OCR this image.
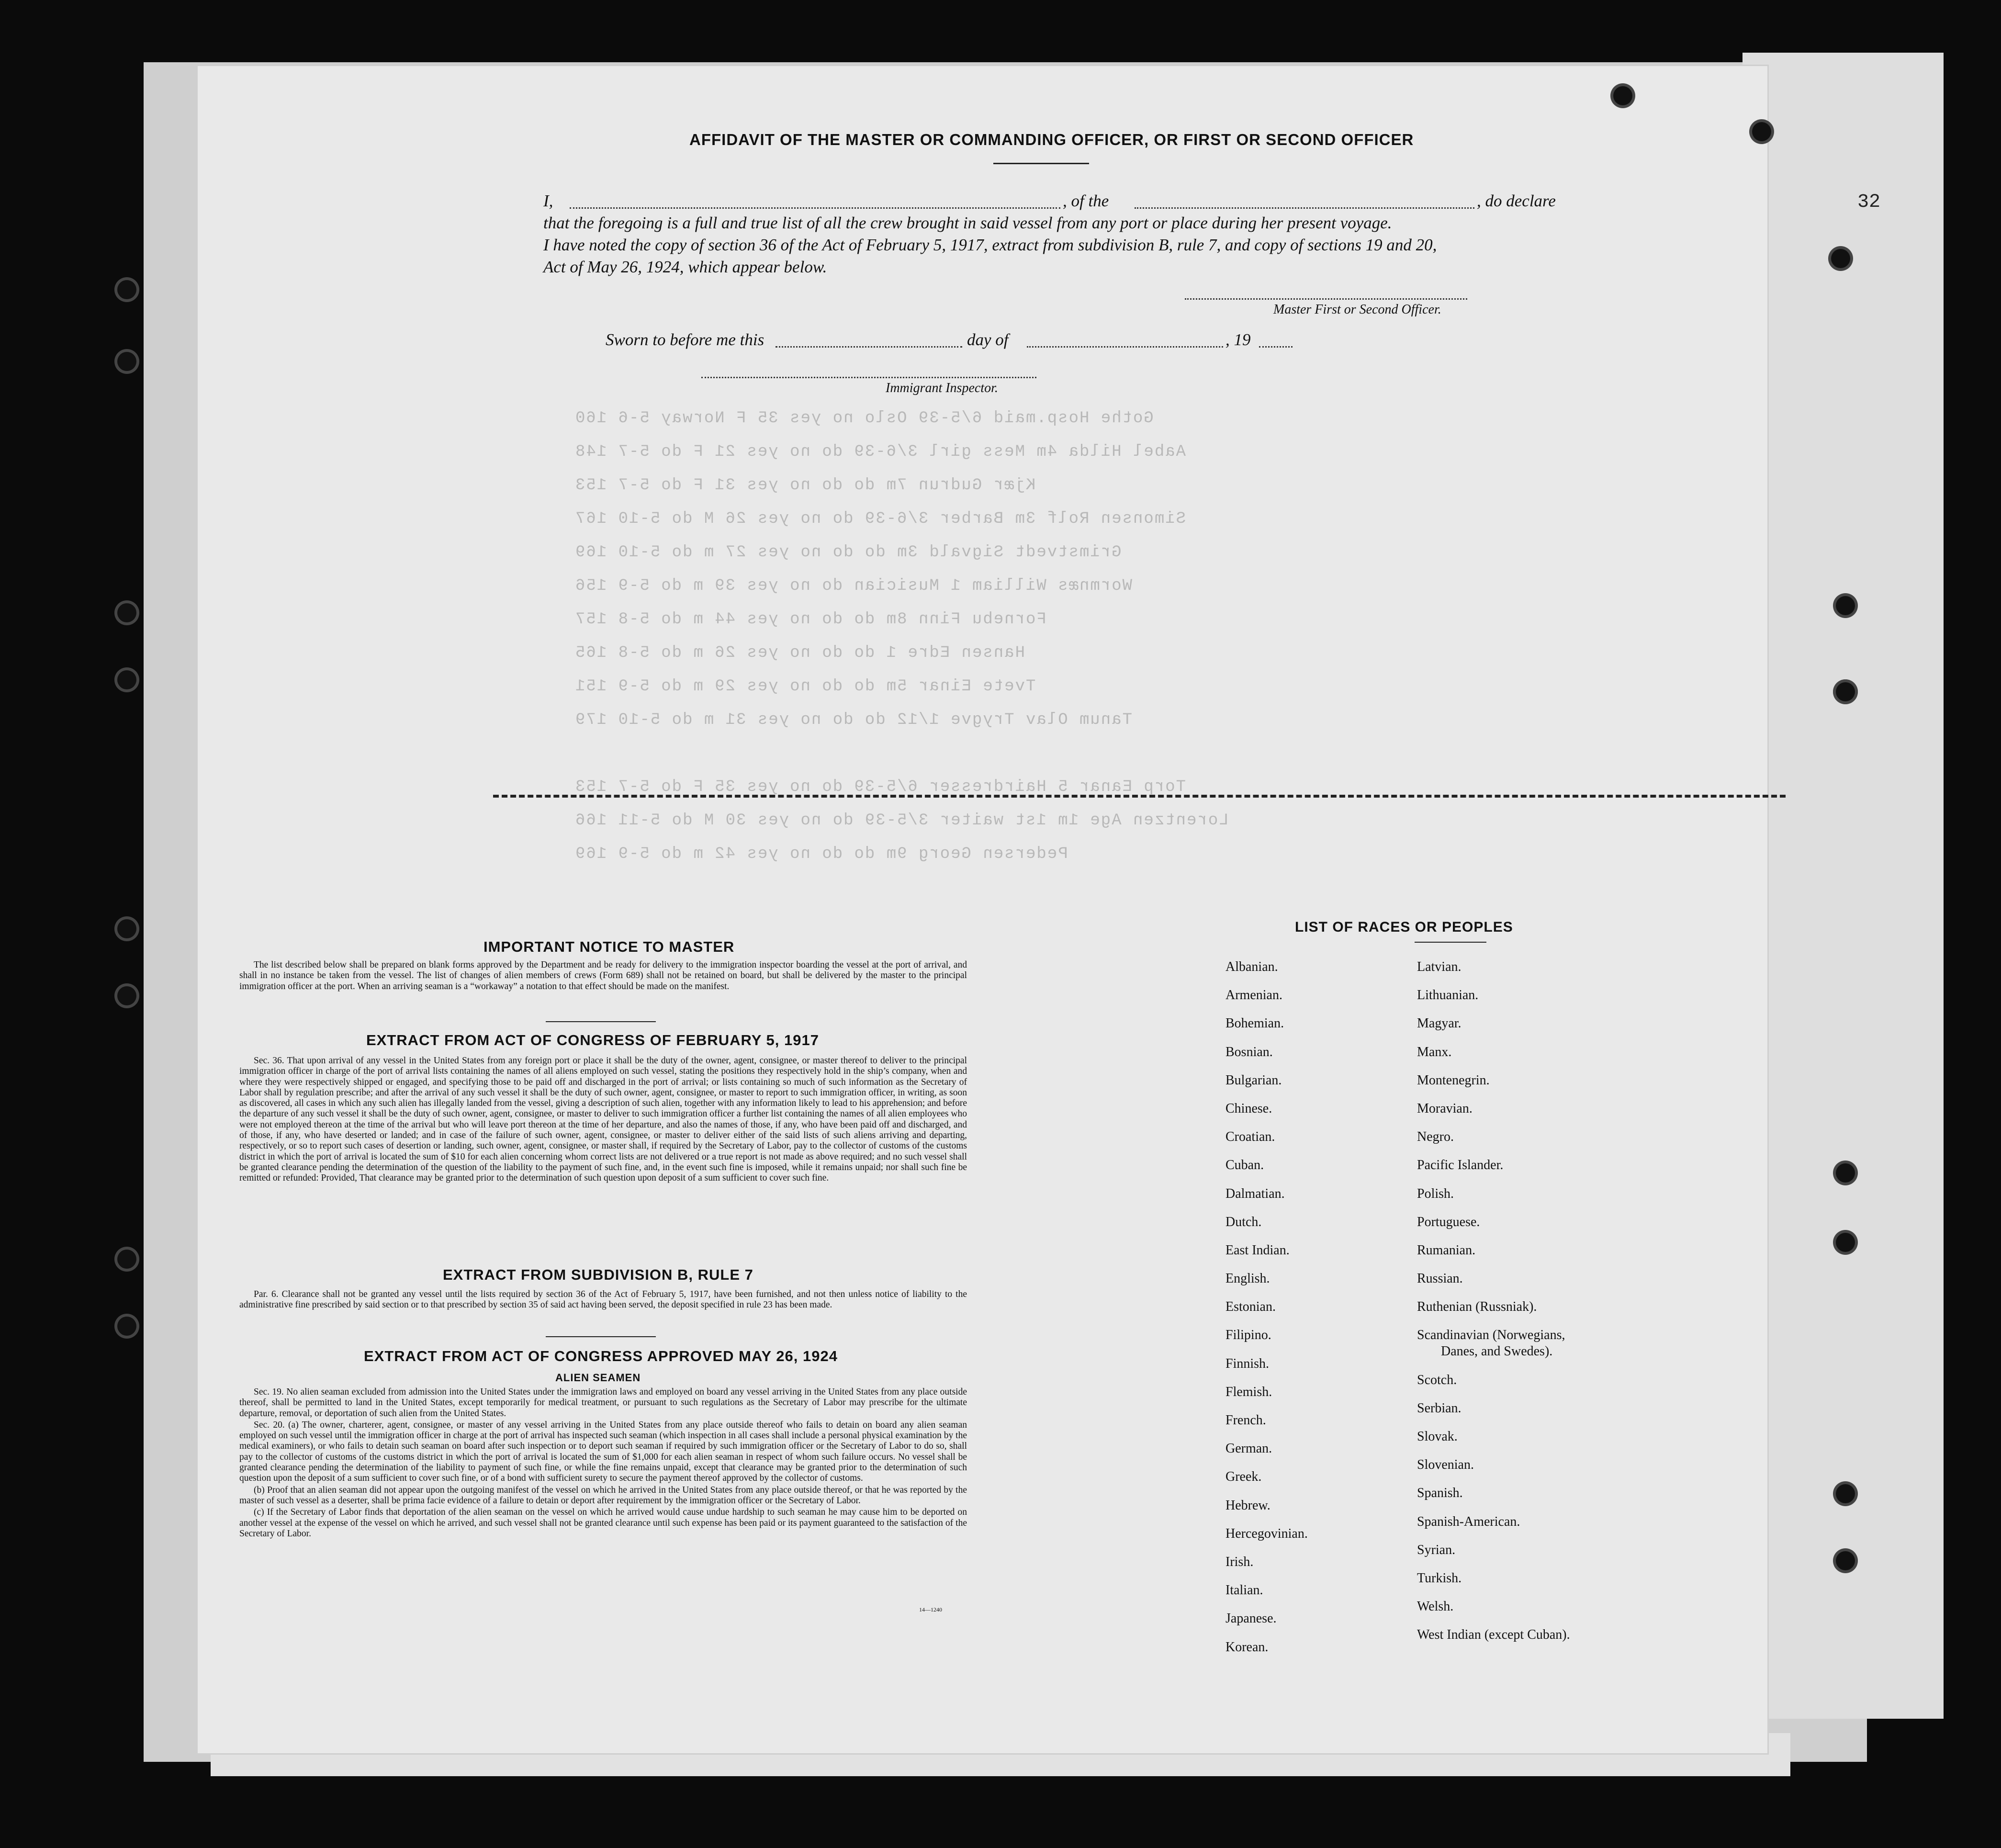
32
Gothe Hosp.maid 6/5-39 Oslo no yes 35 F Norway 5-6 160
Aabel Hilda 4m Mess girl 3/6-39 do no yes 21 F do 5-7 148
Kjær Gudrun 7m do do no yes 31 F do 5-7 153
Simonsen Rolf 3m Barber 3/6-39 do no yes 26 M do 5-10 167
Grimstvedt Sigvald 3m do do no yes 27 m do 5-10 169
Wormnæs William 1 Musician do no yes 39 m do 5-9 156
Fornebu Finn 8m do do no yes 44 m do 5-8 157
Hansen Edre 1 do do no yes 26 m do 5-8 165
Tvete Einar 5m do do no yes 29 m do 5-9 151
Tanum Olav Trygve 1/12 do do no yes 31 m do 5-10 179
Torp Eanar 5 Hairdresser 6/5-39 do no yes 35 F do 5-7 153
Lorentzen Age 1m 1st waiter 3/5-39 do no yes 30 M do 5-11 166
Pedersen Georg 9m do do no yes 42 m do 5-9 169
AFFIDAVIT OF THE MASTER OR COMMANDING OFFICER, OR FIRST OR SECOND OFFICER
I,	, of the	, do declare
that the foregoing is a full and true list of all the crew brought in said vessel from any port or place during her present voyage.
I have noted the copy of section 36 of the Act of February 5, 1917, extract from subdivision B, rule 7, and copy of sections 19 and 20,
Act of May 26, 1924, which appear below.
Master First or Second Officer.
Sworn to before me this	day of	, 19
Immigrant Inspector.
IMPORTANT NOTICE TO MASTER

The list described below shall be prepared on blank forms approved by the Department and be ready for delivery to the immigration inspector boarding the vessel at the port of arrival, and shall in no instance be taken from the vessel. The list of changes of alien members of crews (Form 689) shall not be retained on board, but shall be delivered by the master to the principal immigration officer at the port. When an arriving seaman is a “workaway” a notation to that effect should be made on the manifest.

EXTRACT FROM ACT OF CONGRESS OF FEBRUARY 5, 1917

Sec. 36. That upon arrival of any vessel in the United States from any foreign port or place it shall be the duty of the owner, agent, consignee, or master thereof to deliver to the principal immigration officer in charge of the port of arrival lists containing the names of all aliens employed on such vessel, stating the positions they respectively hold in the ship’s company, when and where they were respectively shipped or engaged, and specifying those to be paid off and discharged in the port of arrival; or lists containing so much of such information as the Secretary of Labor shall by regulation prescribe; and after the arrival of any such vessel it shall be the duty of such owner, agent, consignee, or master to report to such immigration officer, in writing, as soon as discovered, all cases in which any such alien has illegally landed from the vessel, giving a description of such alien, together with any information likely to lead to his apprehension; and before the departure of any such vessel it shall be the duty of such owner, agent, consignee, or master to deliver to such immigration officer a further list containing the names of all alien employees who were not employed thereon at the time of the arrival but who will leave port thereon at the time of her departure, and also the names of those, if any, who have been paid off and discharged, and of those, if any, who have deserted or landed; and in case of the failure of such owner, agent, consignee, or master to deliver either of the said lists of such aliens arriving and departing, respectively, or so to report such cases of desertion or landing, such owner, agent, consignee, or master shall, if required by the Secretary of Labor, pay to the collector of customs of the customs district in which the port of arrival is located the sum of $10 for each alien concerning whom correct lists are not delivered or a true report is not made as above required; and no such vessel shall be granted clearance pending the determination of the question of the liability to the payment of such fine, and, in the event such fine is imposed, while it remains unpaid; nor shall such fine be remitted or refunded: Provided, That clearance may be granted prior to the determination of such question upon deposit of a sum sufficient to cover such fine.

EXTRACT FROM SUBDIVISION B, RULE 7

Par. 6. Clearance shall not be granted any vessel until the lists required by section 36 of the Act of February 5, 1917, have been furnished, and not then unless notice of liability to the administrative fine prescribed by said section or to that prescribed by section 35 of said act having been served, the deposit specified in rule 23 has been made.

EXTRACT FROM ACT OF CONGRESS APPROVED MAY 26, 1924
ALIEN SEAMEN

Sec. 19. No alien seaman excluded from admission into the United States under the immigration laws and employed on board any vessel arriving in the United States from any place outside thereof, shall be permitted to land in the United States, except temporarily for medical treatment, or pursuant to such regulations as the Secretary of Labor may prescribe for the ultimate departure, removal, or deportation of such alien from the United States.

Sec. 20. (a) The owner, charterer, agent, consignee, or master of any vessel arriving in the United States from any place outside thereof who fails to detain on board any alien seaman employed on such vessel until the immigration officer in charge at the port of arrival has inspected such seaman (which inspection in all cases shall include a personal physical examination by the medical examiners), or who fails to detain such seaman on board after such inspection or to deport such seaman if required by such immigration officer or the Secretary of Labor to do so, shall pay to the collector of customs of the customs district in which the port of arrival is located the sum of $1,000 for each alien seaman in respect of whom such failure occurs. No vessel shall be granted clearance pending the determination of the liability to payment of such fine, or while the fine remains unpaid, except that clearance may be granted prior to the determination of such question upon the deposit of a sum sufficient to cover such fine, or of a bond with sufficient surety to secure the payment thereof approved by the collector of customs.

(b) Proof that an alien seaman did not appear upon the outgoing manifest of the vessel on which he arrived in the United States from any place outside thereof, or that he was reported by the master of such vessel as a deserter, shall be prima facie evidence of a failure to detain or deport after requirement by the immigration officer or the Secretary of Labor.

(c) If the Secretary of Labor finds that deportation of the alien seaman on the vessel on which he arrived would cause undue hardship to such seaman he may cause him to be deported on another vessel at the expense of the vessel on which he arrived, and such vessel shall not be granted clearance until such expense has been paid or its payment guaranteed to the satisfaction of the Secretary of Labor.

14—1240
LIST OF RACES OR PEOPLES
Albanian.
Armenian.
Bohemian.
Bosnian.
Bulgarian.
Chinese.
Croatian.
Cuban.
Dalmatian.
Dutch.
East Indian.
English.
Estonian.
Filipino.
Finnish.
Flemish.
French.
German.
Greek.
Hebrew.
Hercegovinian.
Irish.
Italian.
Japanese.
Korean.
Latvian.
Lithuanian.
Magyar.
Manx.
Montenegrin.
Moravian.
Negro.
Pacific Islander.
Polish.
Portuguese.
Rumanian.
Russian.
Ruthenian (Russniak).
Scandinavian (Norwegians,
Danes, and Swedes).
Scotch.
Serbian.
Slovak.
Slovenian.
Spanish.
Spanish-American.
Syrian.
Turkish.
Welsh.
West Indian (except Cuban).
